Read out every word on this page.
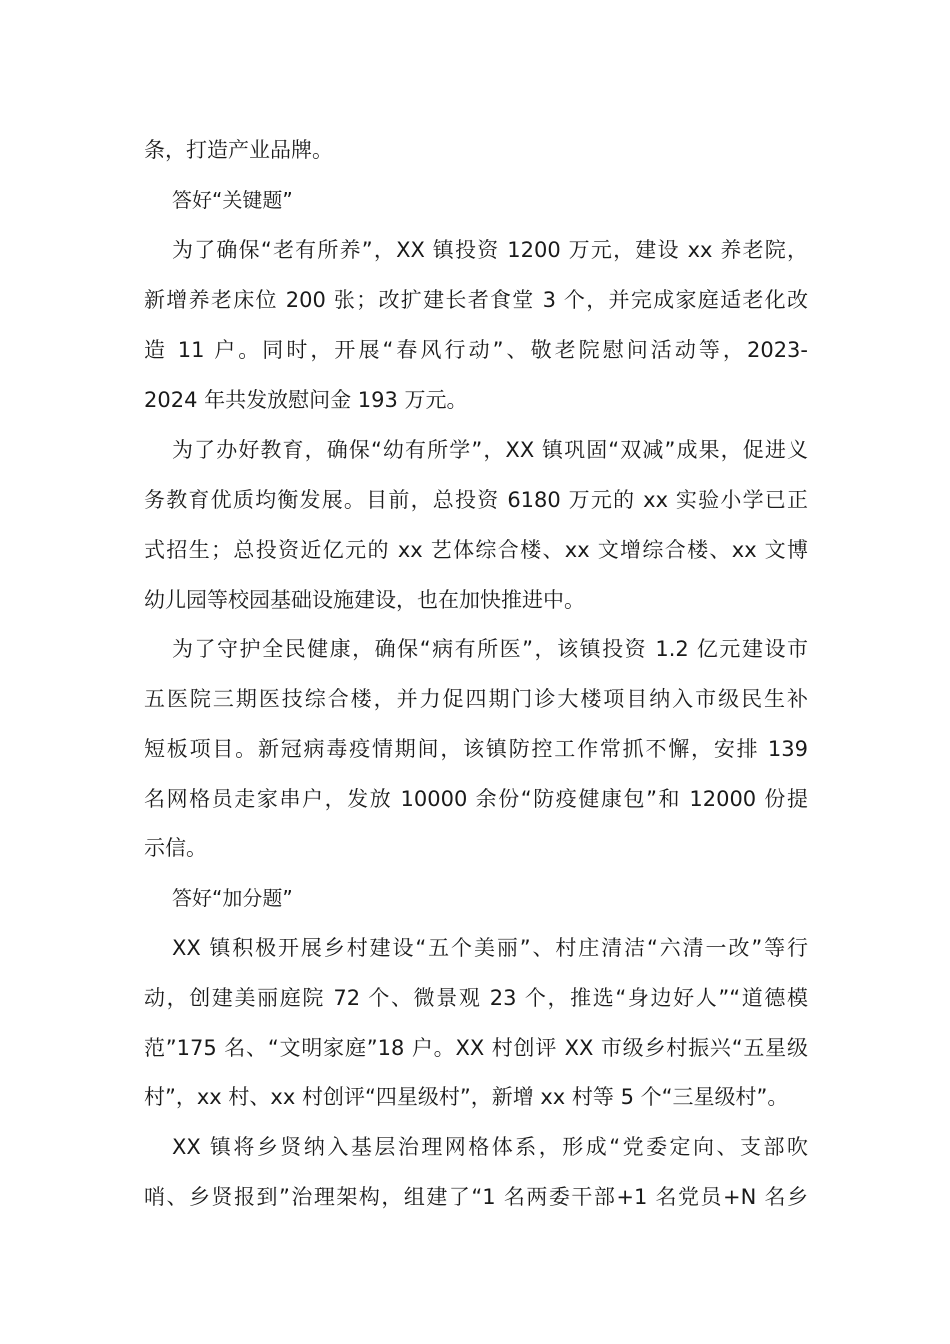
条，打造产业品牌。
答好“关键题”
为了确保“老有所养”，XX 镇投资 1200 万元，建设 xx 养老院，
新增养老床位 200 张；改扩建长者食堂 3 个，并完成家庭适老化改
造 11 户。同时，开展“春风行动”、敬老院慰问活动等，2023-
2024 年共发放慰问金 193 万元。
为了办好教育，确保“幼有所学”，XX 镇巩固“双减”成果，促进义
务教育优质均衡发展。目前，总投资 6180 万元的 xx 实验小学已正
式招生；总投资近亿元的 xx 艺体综合楼、xx 文增综合楼、xx 文博
幼儿园等校园基础设施建设，也在加快推进中。
为了守护全民健康，确保“病有所医”，该镇投资 1.2 亿元建设市
五医院三期医技综合楼，并力促四期门诊大楼项目纳入市级民生补
短板项目。新冠病毒疫情期间，该镇防控工作常抓不懈，安排 139
名网格员走家串户，发放 10000 余份“防疫健康包”和 12000 份提
示信。
答好“加分题”
XX 镇积极开展乡村建设“五个美丽”、村庄清洁“六清一改”等行
动，创建美丽庭院 72 个、微景观 23 个，推选“身边好人”“道德模
范”175 名、“文明家庭”18 户。XX 村创评 XX 市级乡村振兴“五星级
村”，xx 村、xx 村创评“四星级村”，新增 xx 村等 5 个“三星级村”。
XX 镇将乡贤纳入基层治理网格体系，形成“党委定向、支部吹
哨、乡贤报到”治理架构，组建了“1 名两委干部+1 名党员+N 名乡
